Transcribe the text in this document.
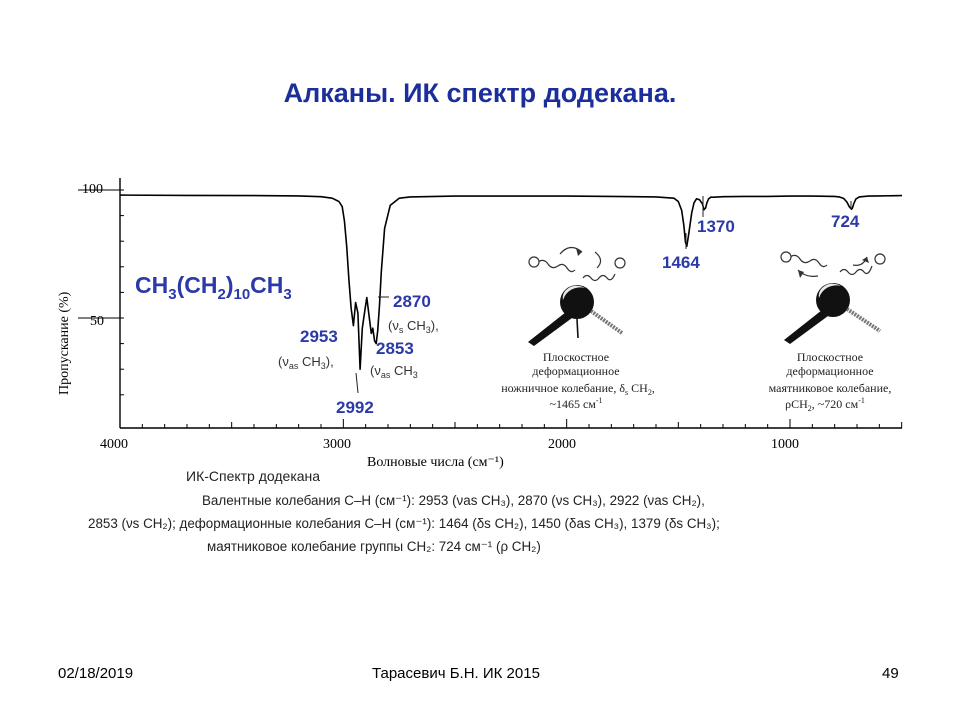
Алканы. ИК спектр додекана.
100
50
4000	3000	2000	1000
Волновые числа (см⁻¹)
Пропускание (%)
$CH_3(CH_2)_{10}CH_3$
2953
($\nu_{as}$ $CH_3$),
2870
($\nu_s$ $CH_3$),
2853
($\nu_{as}$ $CH_3$
2992
1464
1370	724
Плоскостное
деформационное
ножничное колебание, $\delta_s$ $CH_2$,
~1465 $см^{-1}$
Плоскостное
деформационное
маятниковое колебание,
ρCH$_2$, ~720 $см^{-1}$
ИК-Спектр додекана
Валентные колебания С–Н (см⁻¹): 2953 (νas CH₃), 2870 (νs CH₃), 2922 (νas CH₂),
2853 (νs CH₂); деформационные колебания С–Н (см⁻¹): 1464 (δs CH₂), 1450 (δas CH₃), 1379 (δs CH₃);
маятниковое колебание группы CH₂: 724 см⁻¹ (ρ CH₂)
02/18/2019	Тарасевич Б.Н. ИК 2015	49
